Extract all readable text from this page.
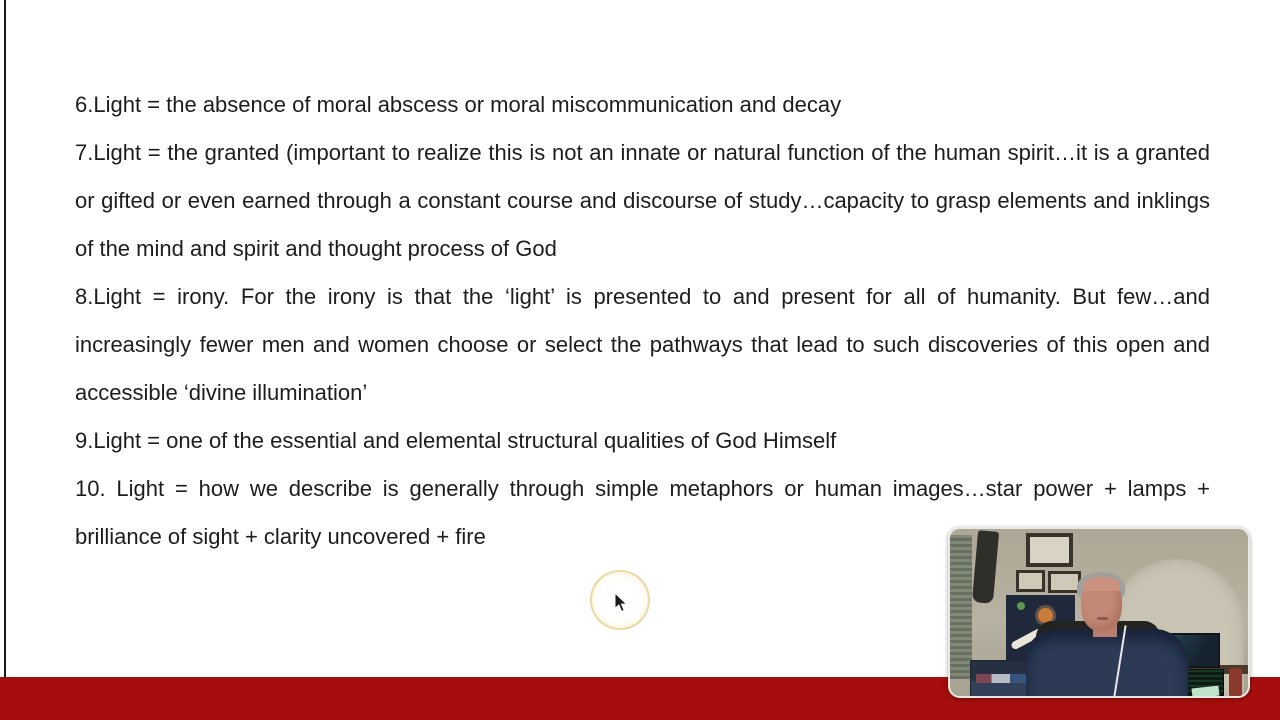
6.Light = the absence of moral abscess or moral miscommunication and decay
7.Light = the granted (important to realize this is not an innate or natural function of the human spirit…it is a granted
or gifted or even earned through a constant course and discourse of study…capacity to grasp elements and inklings
of the mind and spirit and thought process of God
8.Light = irony. For the irony is that the ‘light’ is presented to and present for all of humanity. But few…and
increasingly fewer men and women choose or select the pathways that lead to such discoveries of this open and
accessible ‘divine illumination’
9.Light = one of the essential and elemental structural qualities of God Himself
10. Light = how we describe is generally through simple metaphors or human images…star power + lamps +
brilliance of sight + clarity uncovered + fire
